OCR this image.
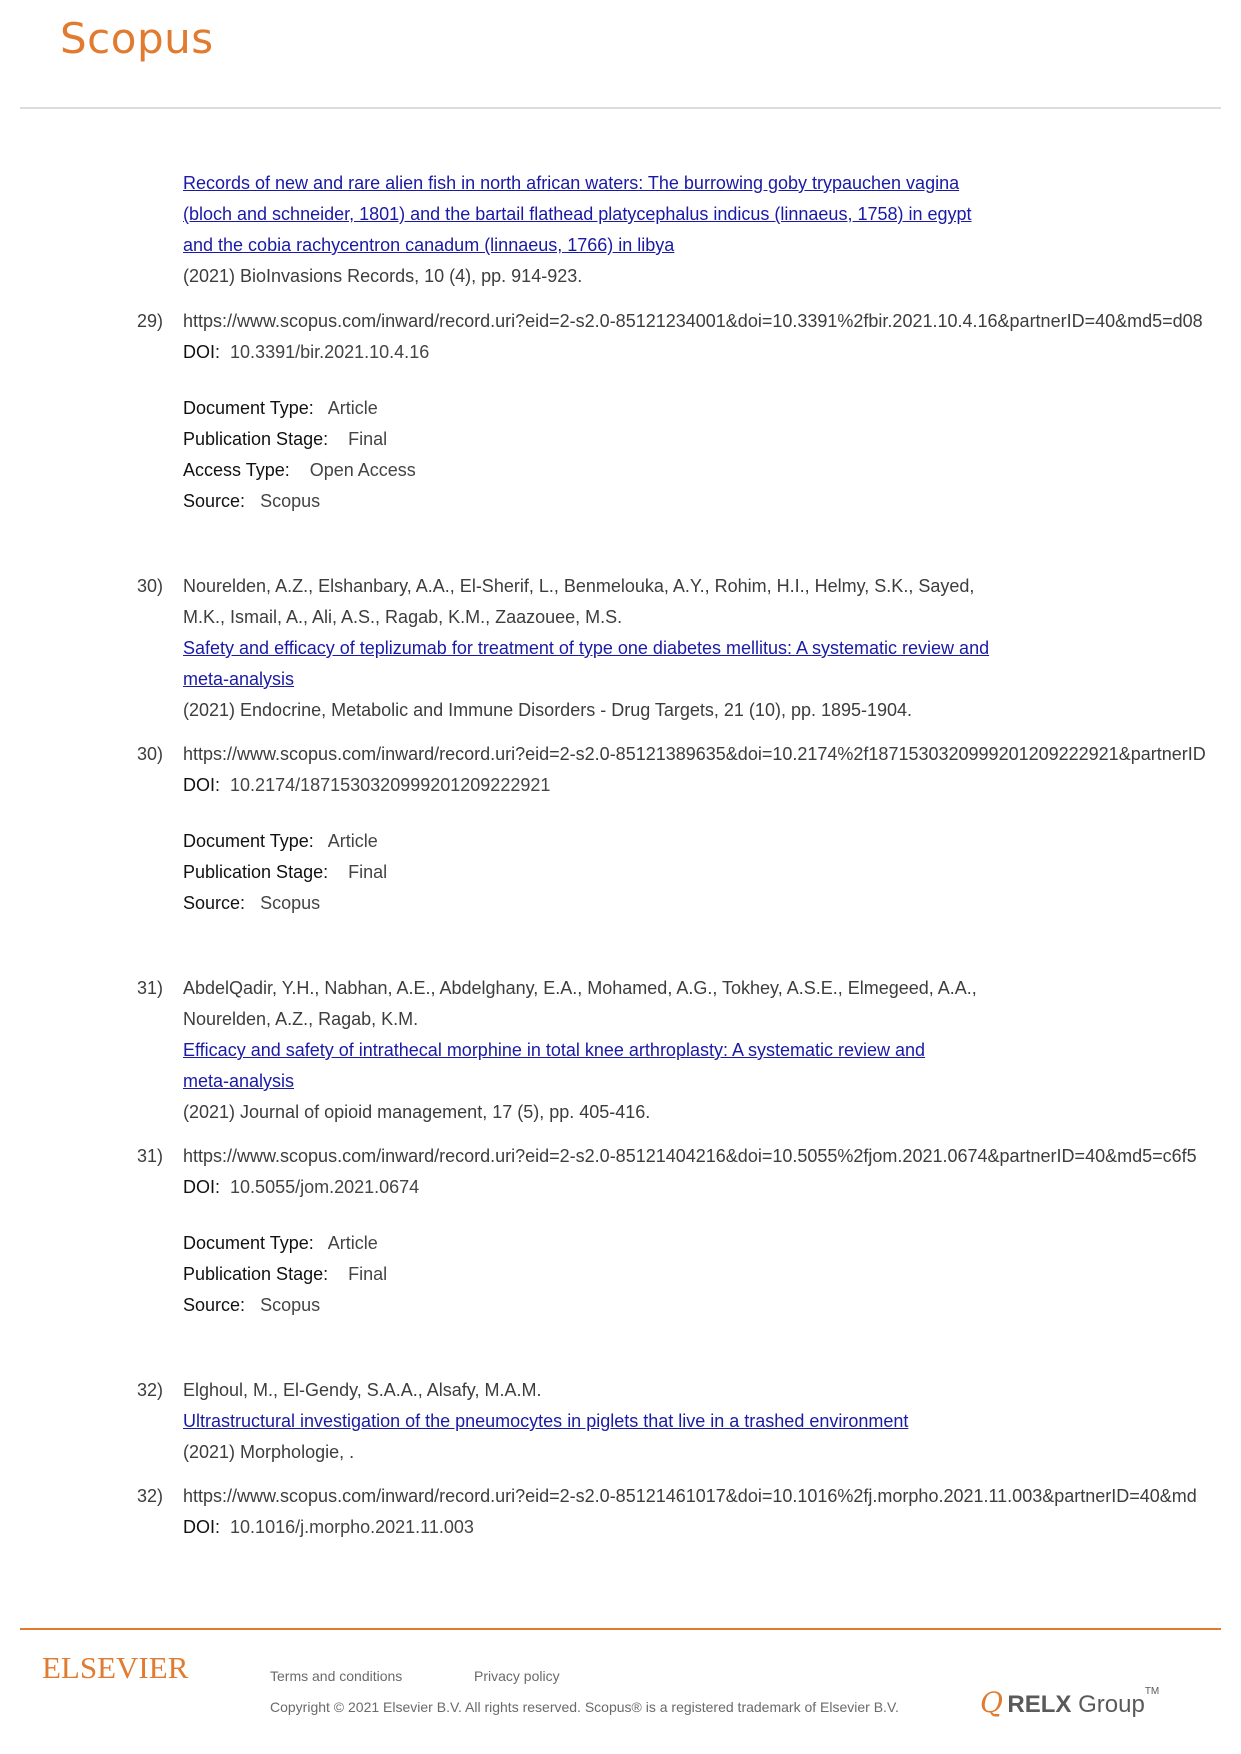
Scopus
Records of new and rare alien fish in north african waters: The burrowing goby trypauchen vagina
(bloch and schneider, 1801) and the bartail flathead platycephalus indicus (linnaeus, 1758) in egypt
and the cobia rachycentron canadum (linnaeus, 1766) in libya
(2021) BioInvasions Records, 10 (4), pp. 914-923.
29) https://www.scopus.com/inward/record.uri?eid=2-s2.0-85121234001&doi=10.3391%2fbir.2021.10.4.16&partnerID=40&md5=d08
DOI: 10.3391/bir.2021.10.4.16
Document Type: Article
Publication Stage: Final
Access Type: Open Access
Source: Scopus
30) Nourelden, A.Z., Elshanbary, A.A., El-Sherif, L., Benmelouka, A.Y., Rohim, H.I., Helmy, S.K., Sayed,
M.K., Ismail, A., Ali, A.S., Ragab, K.M., Zaazouee, M.S.
Safety and efficacy of teplizumab for treatment of type one diabetes mellitus: A systematic review and
meta-analysis
(2021) Endocrine, Metabolic and Immune Disorders - Drug Targets, 21 (10), pp. 1895-1904.
30) https://www.scopus.com/inward/record.uri?eid=2-s2.0-85121389635&doi=10.2174%2f1871530320999201209222921&partnerID
DOI: 10.2174/1871530320999201209222921
Document Type: Article
Publication Stage: Final
Source: Scopus
31) AbdelQadir, Y.H., Nabhan, A.E., Abdelghany, E.A., Mohamed, A.G., Tokhey, A.S.E., Elmegeed, A.A.,
Nourelden, A.Z., Ragab, K.M.
Efficacy and safety of intrathecal morphine in total knee arthroplasty: A systematic review and
meta-analysis
(2021) Journal of opioid management, 17 (5), pp. 405-416.
31) https://www.scopus.com/inward/record.uri?eid=2-s2.0-85121404216&doi=10.5055%2fjom.2021.0674&partnerID=40&md5=c6f5
DOI: 10.5055/jom.2021.0674
Document Type: Article
Publication Stage: Final
Source: Scopus
32) Elghoul, M., El-Gendy, S.A.A., Alsafy, M.A.M.
Ultrastructural investigation of the pneumocytes in piglets that live in a trashed environment
(2021) Morphologie, .
32) https://www.scopus.com/inward/record.uri?eid=2-s2.0-85121461017&doi=10.1016%2fj.morpho.2021.11.003&partnerID=40&md
DOI: 10.1016/j.morpho.2021.11.003
ELSEVIER	Terms and conditions	Privacy policy
Copyright © 2021 Elsevier B.V. All rights reserved. Scopus® is a registered trademark of Elsevier B.V.	Q RELX Group™
